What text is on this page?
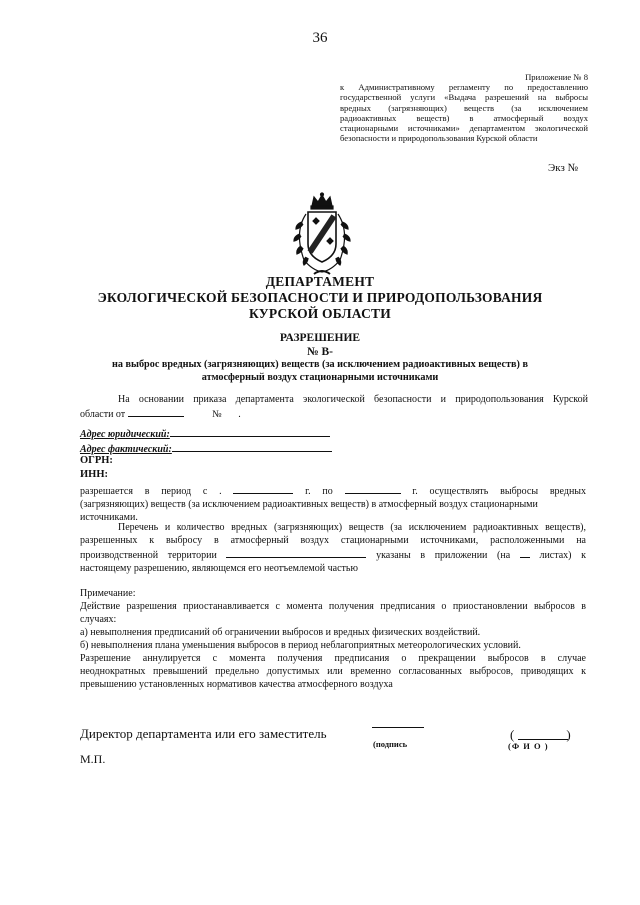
36
Приложение № 8
к Административному регламенту по предоставлению
государственной услуги «Выдача разрешений на выбросы
вредных (загрязняющих) веществ (за исключением
радиоактивных веществ) в атмосферный воздух
стационарными источниками» департаментом экологической
безопасности и природопользования Курской области
Экз №
ДЕПАРТАМЕНТ
ЭКОЛОГИЧЕСКОЙ БЕЗОПАСНОСТИ И ПРИРОДОПОЛЬЗОВАНИЯ
КУРСКОЙ ОБЛАСТИ
РАЗРЕШЕНИЕ
№ В-
на выброс вредных (загрязняющих) веществ (за исключением радиоактивных веществ) в
атмосферный воздух стационарными источниками
На основании приказа департамента экологической безопасности и природопользования Курской
области от	№ .
Адрес юридический:
Адрес фактический:
ОГРН:
ИНН:
разрешается в период с .	г. по	г. осуществлять выбросы вредных
(загрязняющих) веществ (за исключением радиоактивных веществ) в атмосферный воздух стационарными
источниками.
Перечень и количество вредных (загрязняющих) веществ (за исключением радиоактивных веществ),
разрешенных к выбросу в атмосферный воздух стационарными источниками, расположенными на
производственной территории	указаны в приложении (на	листах) к
настоящему разрешению, являющемся его неотъемлемой частью
Примечание:
Действие разрешения приостанавливается с момента получения предписания о приостановлении выбросов в
случаях:
а) невыполнения предписаний об ограничении выбросов и вредных физических воздействий.
б) невыполнения плана уменьшения выбросов в период неблагоприятных метеорологических условий.
Разрешение аннулируется с момента получения предписания о прекращении выбросов в случае
неоднократных превышений предельно допустимых или временно согласованных выбросов, приводящих к
превышению установленных нормативов качества атмосферного воздуха
Директор департамента или его заместитель
(подпись
(	)
(Ф И О )
М.П.
